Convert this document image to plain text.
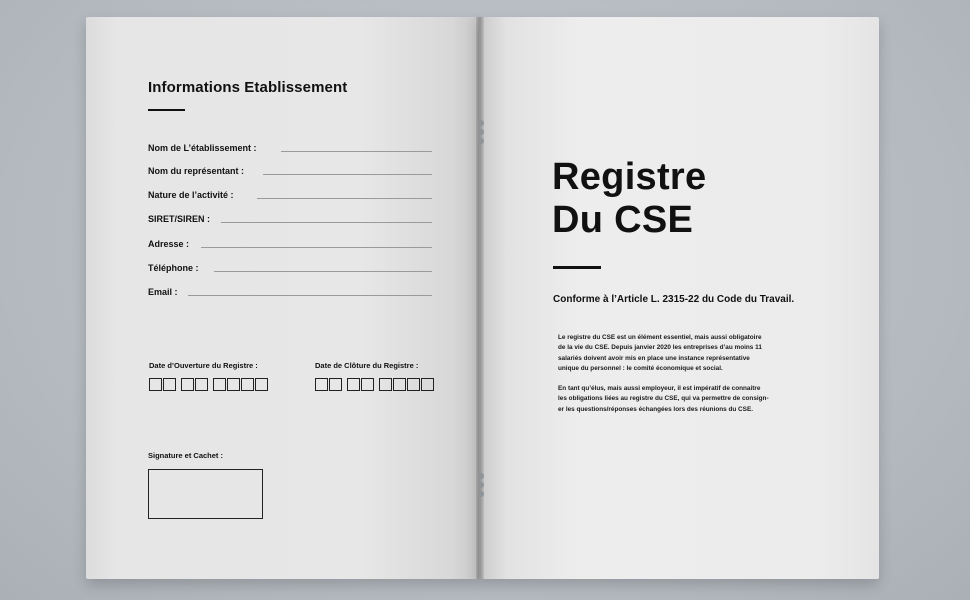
Informations Etablissement
Nom de L’établissement :
Nom du représentant :
Nature de l’activité :
SIRET/SIREN :
Adresse :
Téléphone :
Email :
Date d’Ouverture du Registre :	Date de Clôture du Registre :
Signature et Cachet :
Registre
Du CSE
Conforme à l’Article L. 2315-22 du Code du Travail.
Le registre du CSE est un élément essentiel, mais aussi obligatoire
de la vie du CSE. Depuis janvier 2020 les entreprises d’au moins 11
salariés doivent avoir mis en place une instance représentative
unique du personnel : le comité économique et social.
En tant qu’élus, mais aussi employeur, il est impératif de connaitre
les obligations liées au registre du CSE, qui va permettre de consign-
er les questions/réponses échangées lors des réunions du CSE.
